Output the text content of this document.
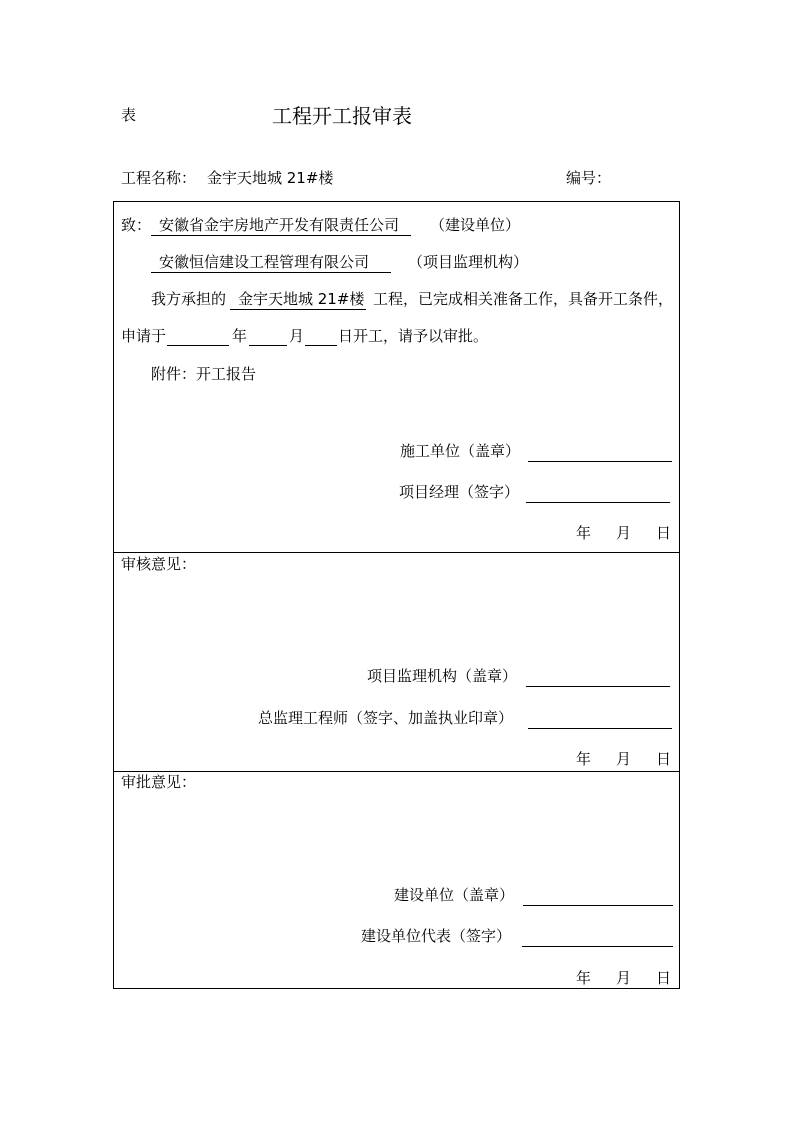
表	工程开工报审表
工程名称： 金宇天地城 21#楼	编号：
致： 安徽省金宇房地产开发有限责任公司	（建设单位）
安徽恒信建设工程管理有限公司	（项目监理机构）
我方承担的 金宇天地城 21#楼 工程，已完成相关准备工作，具备开工条件，
申请于	年	月 日开工，请予以审批。
附件：开工报告
施工单位（盖章）
项目经理（签字）
年 月 日
审核意见：
项目监理机构（盖章）
总监理工程师（签字、加盖执业印章）
年 月 日
审批意见：
建设单位（盖章）
建设单位代表（签字）
年 月 日
